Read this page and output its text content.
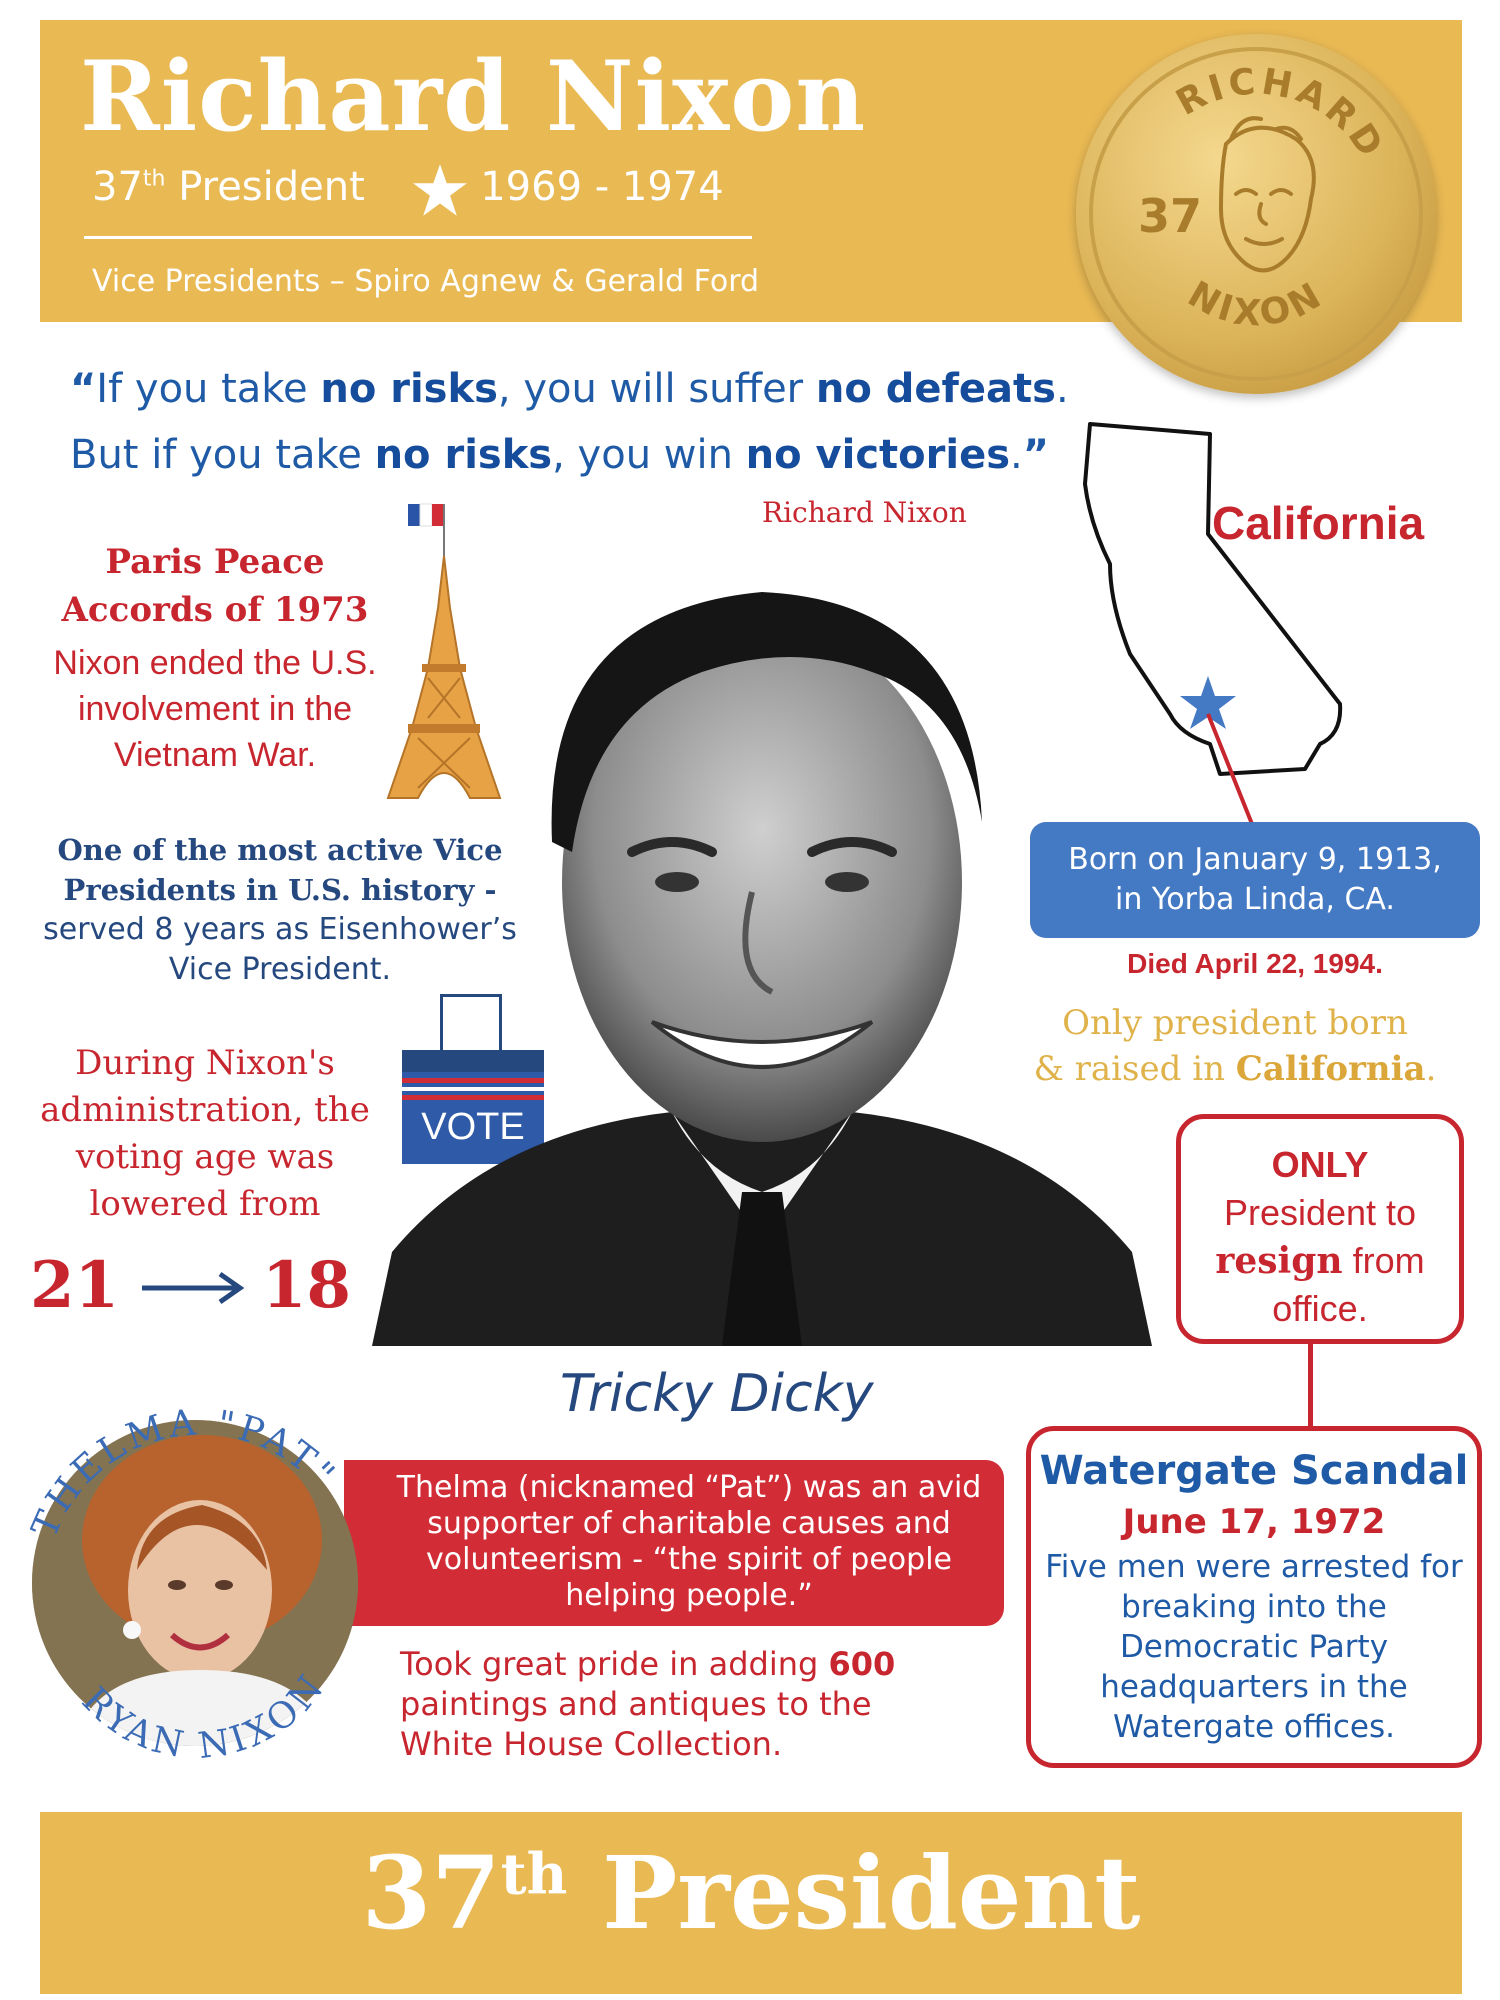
Richard Nixon
37th President	1969 - 1974
Vice Presidents – Spiro Agnew & Gerald Ford
RICHARD
NIXON
37
“If you take no risks, you will suffer no defeats.
But if you take no risks, you win no victories.”
Richard Nixon
Paris Peace Accords of 1973
Nixon ended the U.S. involvement in the Vietnam War.
One of the most active Vice Presidents in U.S. history -
served 8 years as Eisenhower’s Vice President.
During Nixon's administration, the voting age was lowered from
21 18
VOTE
Tricky Dicky
California
Born on January 9, 1913,
in Yorba Linda, CA.
Died April 22, 1994.
Only president born
& raised in California.
ONLY
President to
resign from
office.
Watergate Scandal
June 17, 1972
Five men were arrested for breaking into the Democratic Party headquarters in the Watergate offices.
Thelma (nicknamed “Pat”) was an avid supporter of charitable causes and volunteerism - “the spirit of people helping people.”
THELMA "PAT"
RYAN NIXON
Took great pride in adding 600 paintings and antiques to the White House Collection.
37th President
